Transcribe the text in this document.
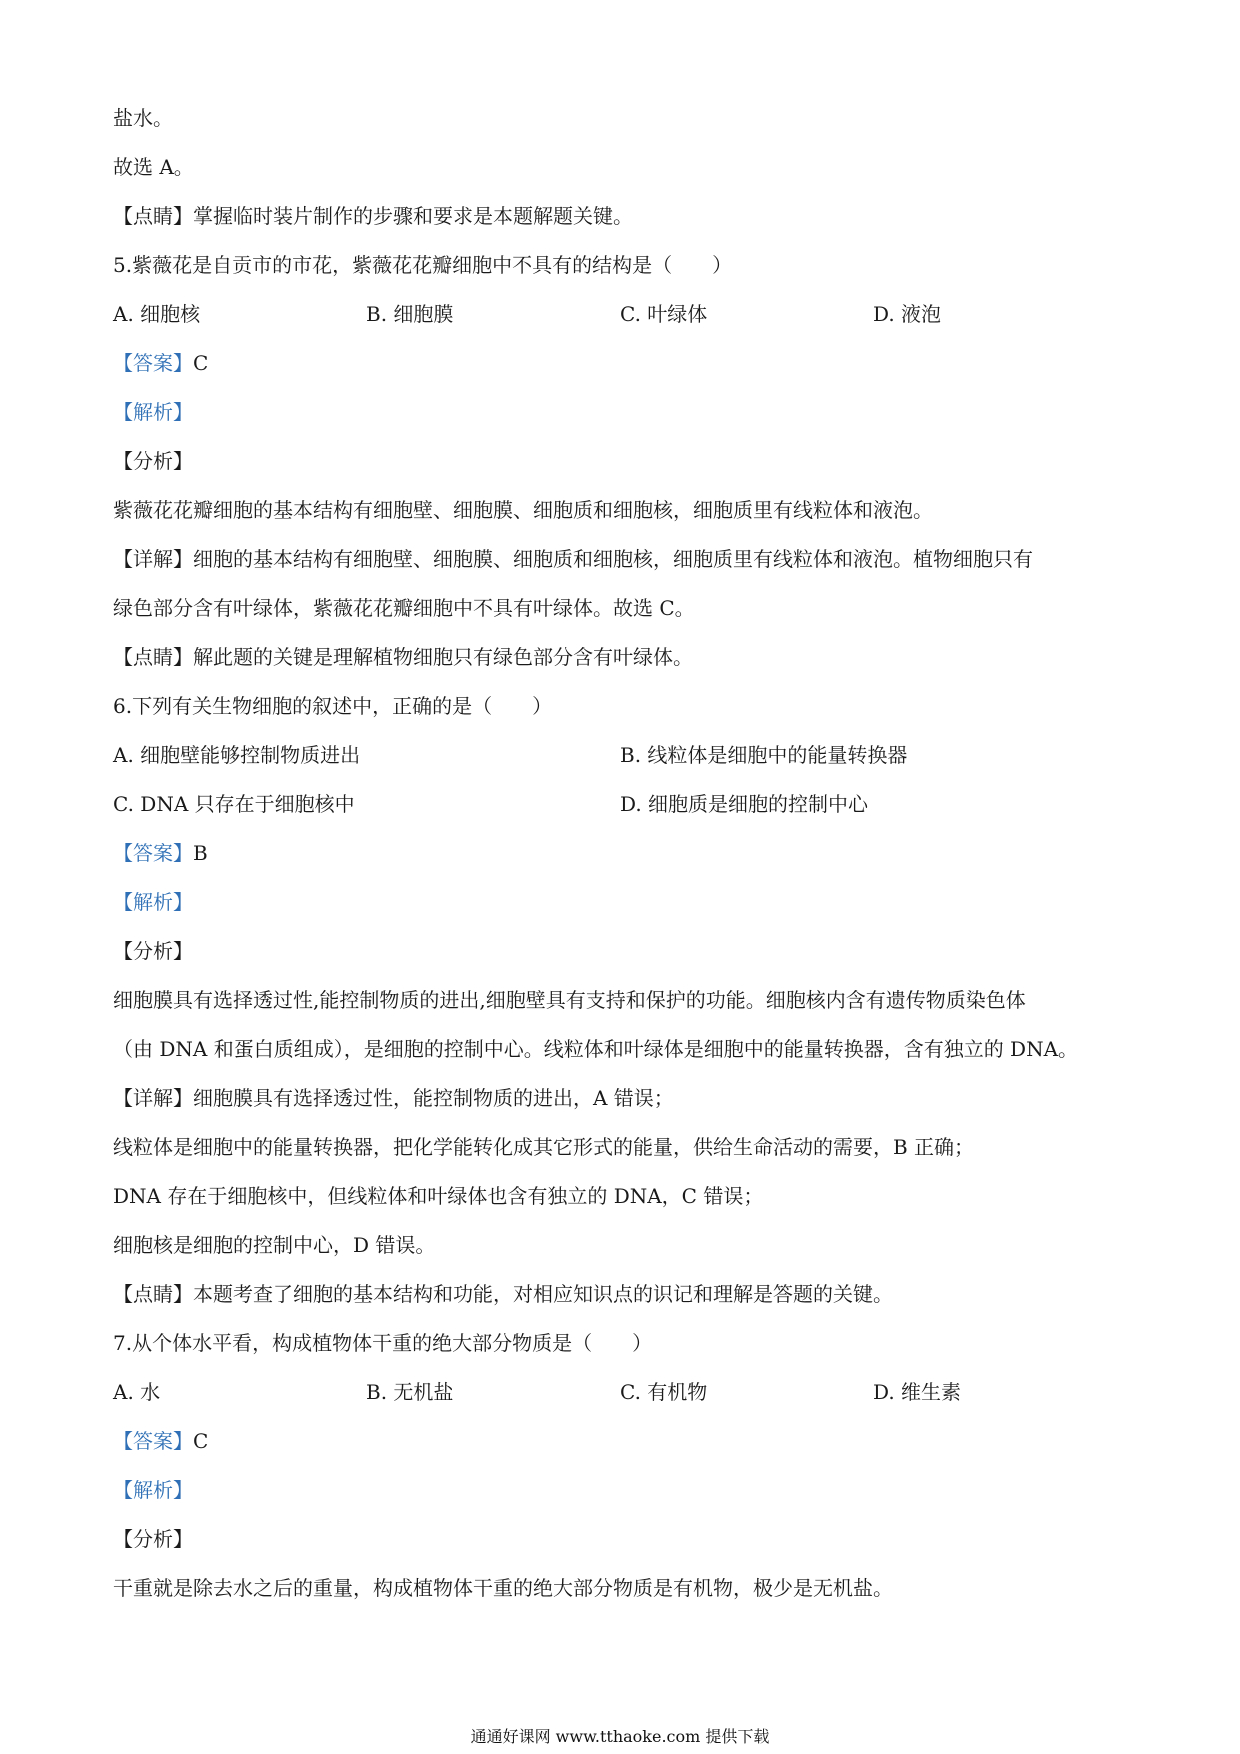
盐水。
故选 A。
【点睛】掌握临时装片制作的步骤和要求是本题解题关键。
5.紫薇花是自贡市的市花，紫薇花花瓣细胞中不具有的结构是（　　）
A. 细胞核	B. 细胞膜	C. 叶绿体	D. 液泡
【答案】C
【解析】
【分析】
紫薇花花瓣细胞的基本结构有细胞壁、细胞膜、细胞质和细胞核，细胞质里有线粒体和液泡。
【详解】细胞的基本结构有细胞壁、细胞膜、细胞质和细胞核，细胞质里有线粒体和液泡。植物细胞只有
绿色部分含有叶绿体，紫薇花花瓣细胞中不具有叶绿体。故选 C。
【点睛】解此题的关键是理解植物细胞只有绿色部分含有叶绿体。
6.下列有关生物细胞的叙述中，正确的是（　　）
A. 细胞壁能够控制物质进出	B. 线粒体是细胞中的能量转换器
C. DNA 只存在于细胞核中	D. 细胞质是细胞的控制中心
【答案】B
【解析】
【分析】
细胞膜具有选择透过性,能控制物质的进出,细胞壁具有支持和保护的功能。细胞核内含有遗传物质染色体
（由 DNA 和蛋白质组成），是细胞的控制中心。线粒体和叶绿体是细胞中的能量转换器，含有独立的 DNA。
【详解】细胞膜具有选择透过性，能控制物质的进出，A 错误；
线粒体是细胞中的能量转换器，把化学能转化成其它形式的能量，供给生命活动的需要，B 正确；
DNA 存在于细胞核中，但线粒体和叶绿体也含有独立的 DNA，C 错误；
细胞核是细胞的控制中心，D 错误。
【点睛】本题考查了细胞的基本结构和功能，对相应知识点的识记和理解是答题的关键。
7.从个体水平看，构成植物体干重的绝大部分物质是（　　）
A. 水	B. 无机盐	C. 有机物	D. 维生素
【答案】C
【解析】
【分析】
干重就是除去水之后的重量，构成植物体干重的绝大部分物质是有机物，极少是无机盐。
通通好课网 www.tthaoke.com 提供下载
